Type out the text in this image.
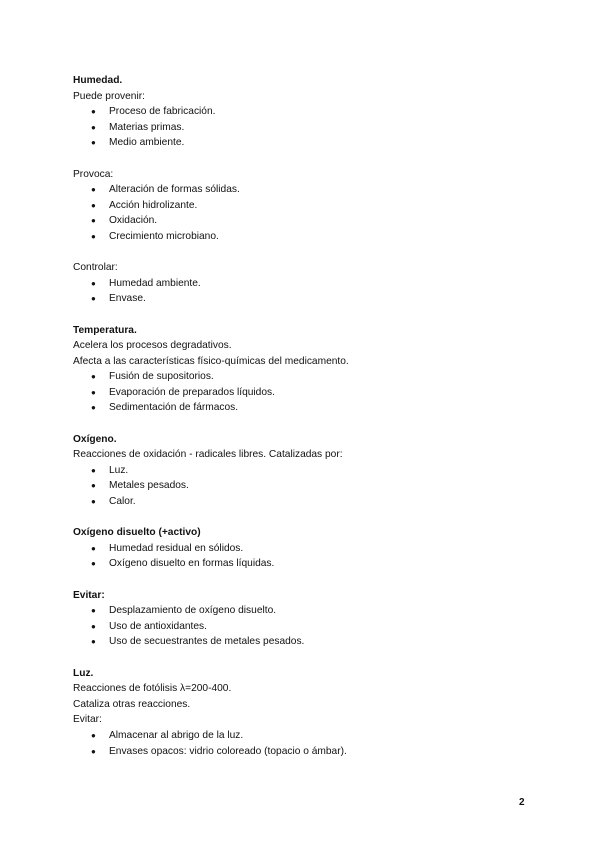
Humedad.
Puede provenir:
● Proceso de fabricación.
● Materias primas.
● Medio ambiente.
Provoca:
● Alteración de formas sólidas.
● Acción hidrolizante.
● Oxidación.
● Crecimiento microbiano.
Controlar:
● Humedad ambiente.
● Envase.
Temperatura.
Acelera los procesos degradativos.
Afecta a las características físico-químicas del medicamento.
● Fusión de supositorios.
● Evaporación de preparados líquidos.
● Sedimentación de fármacos.
Oxígeno.
Reacciones de oxidación - radicales libres. Catalizadas por:
● Luz.
● Metales pesados.
● Calor.
Oxígeno disuelto (+activo)
● Humedad residual en sólidos.
● Oxígeno disuelto en formas líquidas.
Evitar:
● Desplazamiento de oxígeno disuelto.
● Uso de antioxidantes.
● Uso de secuestrantes de metales pesados.
Luz.
Reacciones de fotólisis λ=200-400.
Cataliza otras reacciones.
Evitar:
● Almacenar al abrigo de la luz.
● Envases opacos: vidrio coloreado (topacio o ámbar).
2
